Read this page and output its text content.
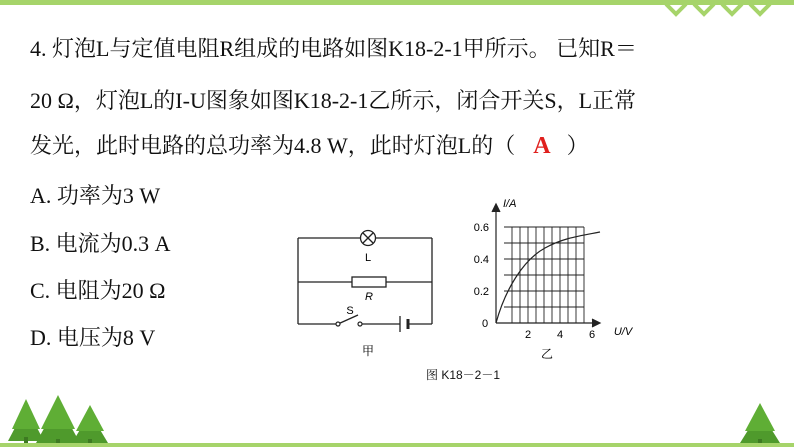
4. 灯泡L与定值电阻R组成的电路如图K18-2-1甲所示。 已知R＝
20 Ω，灯泡L的I-U图象如图K18-2-1乙所示，闭合开关S，L正常
发光，此时电路的总功率为4.8 W，此时灯泡L的（ A ）
A. 功率为3 W
B. 电流为0.3 A
C. 电阻为20 Ω
D. 电压为8 V
L
R
S
甲
I/A
U/V
0
0.2
0.4
0.6
2 4 6
乙
图 K18－2－1
